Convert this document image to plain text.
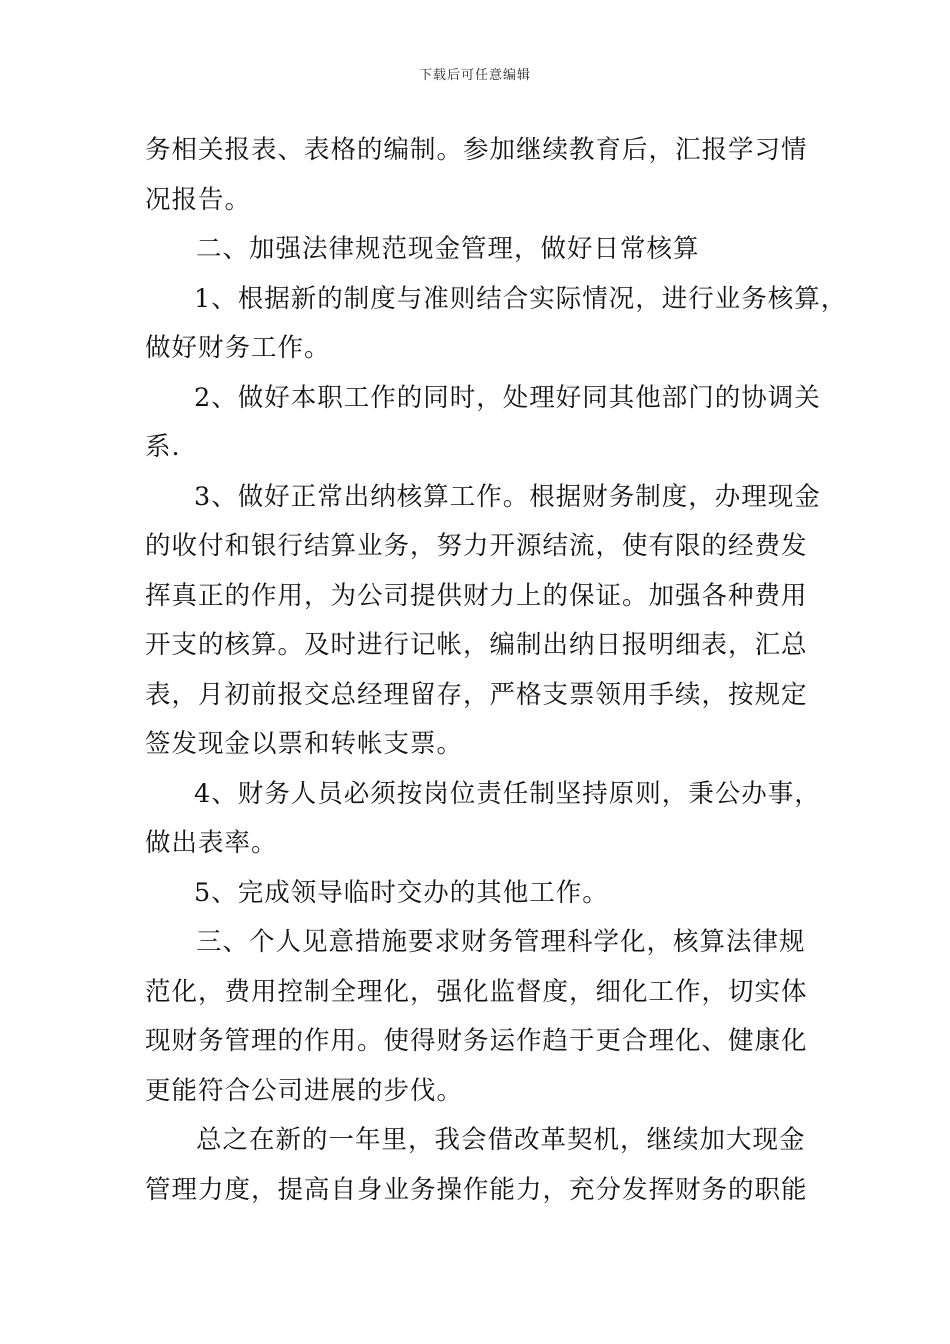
下载后可任意编辑
务相关报表、表格的编制。参加继续教育后，汇报学习情
况报告。
二、加强法律规范现金管理，做好日常核算
1、根据新的制度与准则结合实际情况，进行业务核算，
做好财务工作。
2、做好本职工作的同时，处理好同其他部门的协调关
系.
3、做好正常出纳核算工作。根据财务制度，办理现金
的收付和银行结算业务，努力开源结流，使有限的经费发
挥真正的作用，为公司提供财力上的保证。加强各种费用
开支的核算。及时进行记帐，编制出纳日报明细表，汇总
表，月初前报交总经理留存，严格支票领用手续，按规定
签发现金以票和转帐支票。
4、财务人员必须按岗位责任制坚持原则，秉公办事，
做出表率。
5、完成领导临时交办的其他工作。
三、个人见意措施要求财务管理科学化，核算法律规
范化，费用控制全理化，强化监督度，细化工作，切实体
现财务管理的作用。使得财务运作趋于更合理化、健康化
更能符合公司进展的步伐。
总之在新的一年里，我会借改革契机，继续加大现金
管理力度，提高自身业务操作能力，充分发挥财务的职能
